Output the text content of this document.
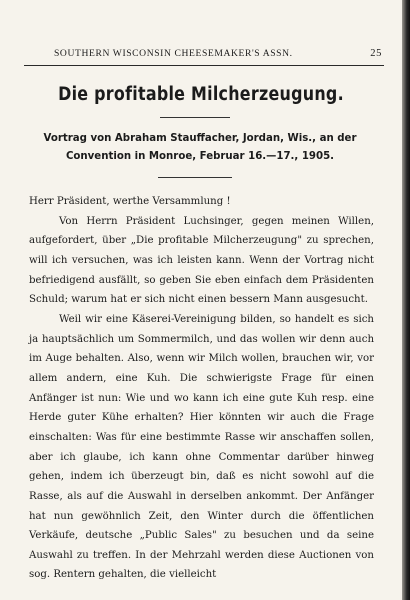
SOUTHERN WISCONSIN CHEESEMAKER'S ASSN.	25
Die profitable Milcherzeugung.
Vortrag von Abraham Stauffacher, Jordan, Wis., an der Convention in Monroe, Februar 16.—17., 1905.

Herr Präsident, werthe Versammlung !

Von Herrn Präsident Luchsinger, gegen meinen Willen, aufgefordert, über „Die profitable Milcherzeugung" zu sprechen, will ich versuchen, was ich leisten kann. Wenn der Vortrag nicht befriedigend ausfällt, so geben Sie eben einfach dem Präsidenten Schuld; warum hat er sich nicht einen bessern Mann ausgesucht.

Weil wir eine Käserei-Vereinigung bilden, so handelt es sich ja hauptsächlich um Sommermilch, und das wollen wir denn auch im Auge behalten. Also, wenn wir Milch wollen, brauchen wir, vor allem andern, eine Kuh. Die schwierigste Frage für einen Anfänger ist nun: Wie und wo kann ich eine gute Kuh resp. eine Herde guter Kühe erhalten? Hier könnten wir auch die Frage einschalten: Was für eine bestimmte Rasse wir anschaffen sollen, aber ich glaube, ich kann ohne Commentar darüber hinweg gehen, indem ich überzeugt bin, daß es nicht sowohl auf die Rasse, als auf die Auswahl in derselben ankommt. Der Anfänger hat nun gewöhnlich Zeit, den Winter durch die öffentlichen Verkäufe, deutsche „Public Sales" zu besuchen und da seine Auswahl zu treffen. In der Mehrzahl werden diese Auctionen von sog. Rentern gehalten, die vielleicht
